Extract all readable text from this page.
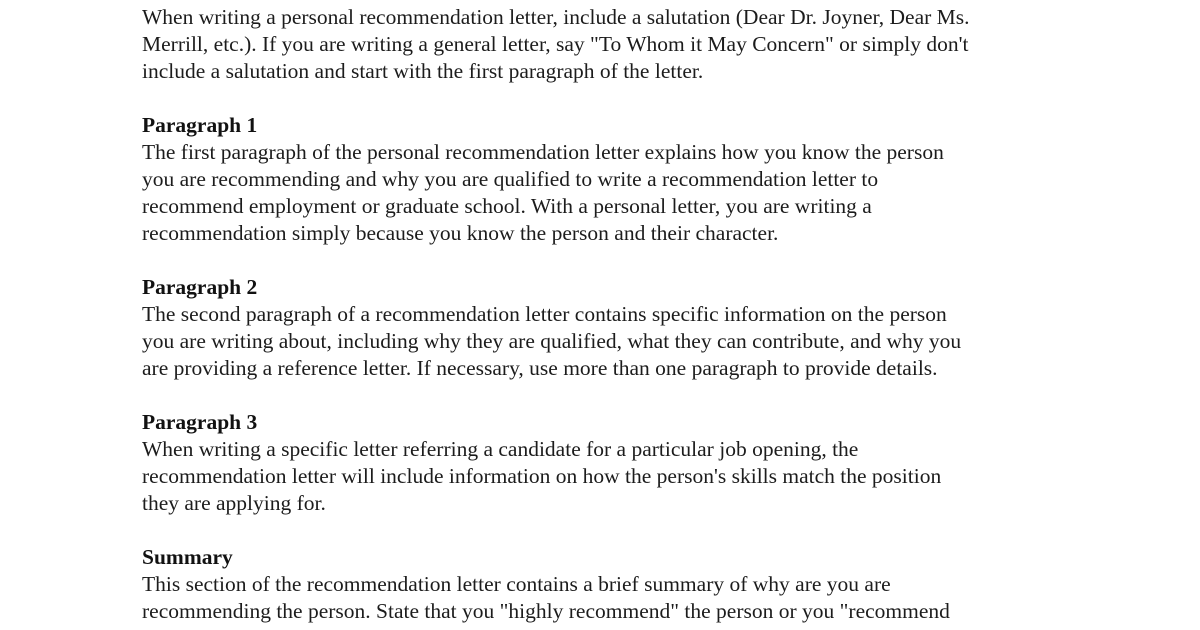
When writing a personal recommendation letter, include a salutation (Dear Dr. Joyner, Dear Ms.
Merrill, etc.). If you are writing a general letter, say "To Whom it May Concern" or simply don't
include a salutation and start with the first paragraph of the letter.

Paragraph 1

The first paragraph of the personal recommendation letter explains how you know the person
you are recommending and why you are qualified to write a recommendation letter to
recommend employment or graduate school. With a personal letter, you are writing a
recommendation simply because you know the person and their character.

Paragraph 2

The second paragraph of a recommendation letter contains specific information on the person
you are writing about, including why they are qualified, what they can contribute, and why you
are providing a reference letter. If necessary, use more than one paragraph to provide details.

Paragraph 3

When writing a specific letter referring a candidate for a particular job opening, the
recommendation letter will include information on how the person's skills match the position
they are applying for.

Summary

This section of the recommendation letter contains a brief summary of why are you are
recommending the person. State that you "highly recommend" the person or you "recommend
